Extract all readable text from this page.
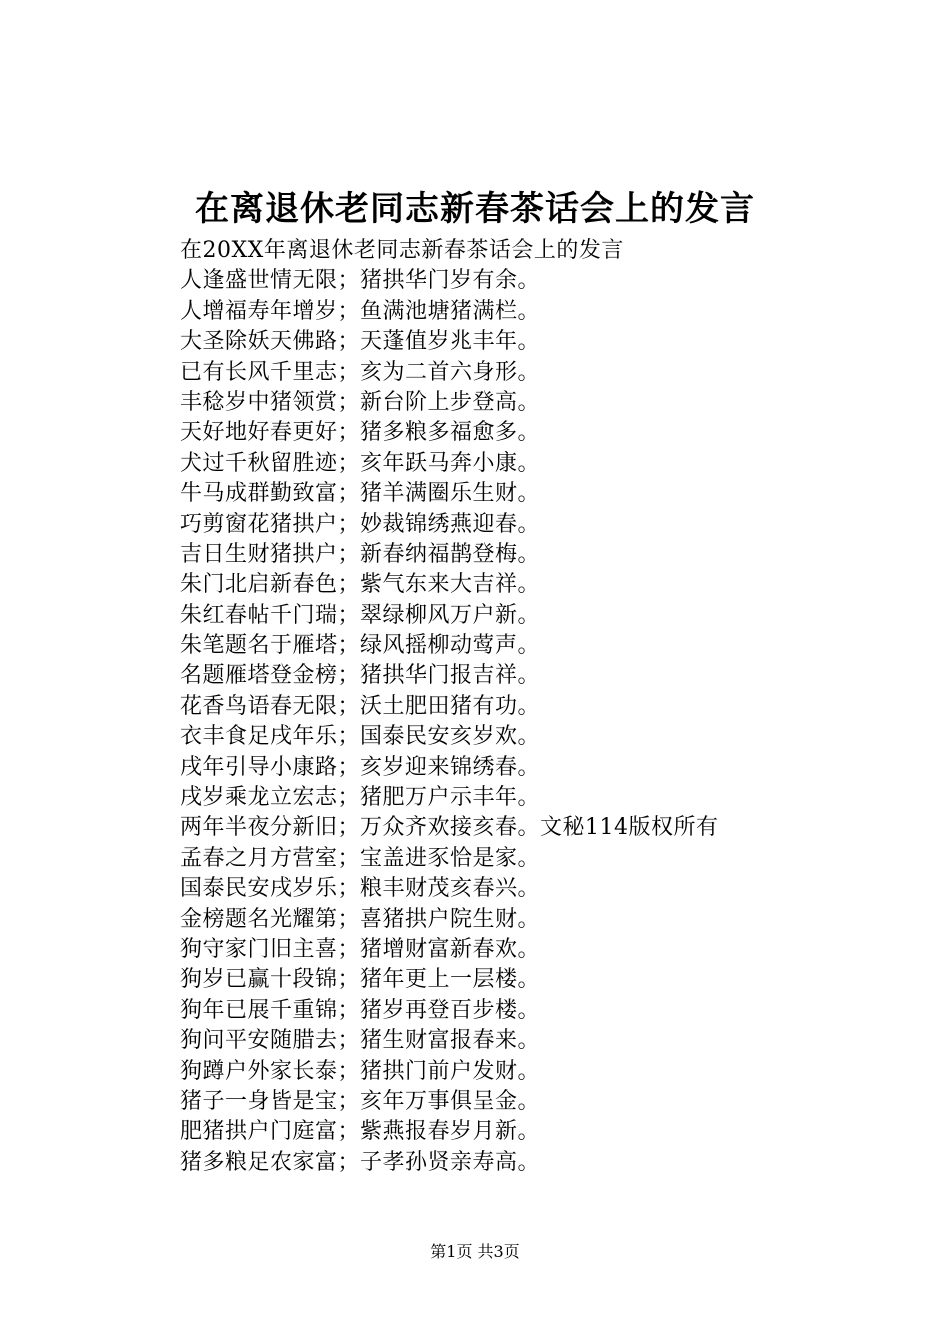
在离退休老同志新春茶话会上的发言
在20XX年离退休老同志新春茶话会上的发言
人逢盛世情无限；猪拱华门岁有余。
人增福寿年增岁；鱼满池塘猪满栏。
大圣除妖天佛路；天蓬值岁兆丰年。
已有长风千里志；亥为二首六身形。
丰稔岁中猪领赏；新台阶上步登高。
天好地好春更好；猪多粮多福愈多。
犬过千秋留胜迹；亥年跃马奔小康。
牛马成群勤致富；猪羊满圈乐生财。
巧剪窗花猪拱户；妙裁锦绣燕迎春。
吉日生财猪拱户；新春纳福鹊登梅。
朱门北启新春色；紫气东来大吉祥。
朱红春帖千门瑞；翠绿柳风万户新。
朱笔题名于雁塔；绿风摇柳动莺声。
名题雁塔登金榜；猪拱华门报吉祥。
花香鸟语春无限；沃土肥田猪有功。
衣丰食足戌年乐；国泰民安亥岁欢。
戌年引导小康路；亥岁迎来锦绣春。
戌岁乘龙立宏志；猪肥万户示丰年。
两年半夜分新旧；万众齐欢接亥春。文秘114版权所有
孟春之月方营室；宝盖进豕恰是家。
国泰民安戌岁乐；粮丰财茂亥春兴。
金榜题名光耀第；喜猪拱户院生财。
狗守家门旧主喜；猪增财富新春欢。
狗岁已赢十段锦；猪年更上一层楼。
狗年已展千重锦；猪岁再登百步楼。
狗问平安随腊去；猪生财富报春来。
狗蹲户外家长泰；猪拱门前户发财。
猪子一身皆是宝；亥年万事俱呈金。
肥猪拱户门庭富；紫燕报春岁月新。
猪多粮足农家富；子孝孙贤亲寿高。
第1页 共3页
